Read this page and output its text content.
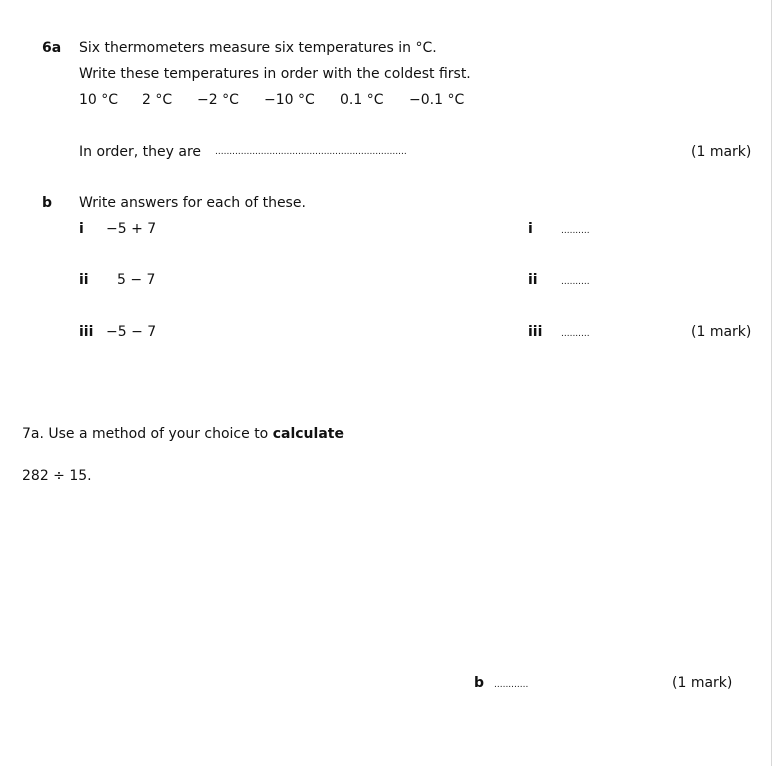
6a Six thermometers measure six temperatures in °C.
Write these temperatures in order with the coldest first.
10 °C 2 °C −2 °C −10 °C 0.1 °C −0.1 °C
In order, they are ...................................................................	(1 mark)
b Write answers for each of these.
i −5 + 7	i	..........
ii 5 − 7	ii	..........
iii −5 − 7	iii ..........	(1 mark)
7a. Use a method of your choice to calculate
282 ÷ 15.
b ............	(1 mark)
